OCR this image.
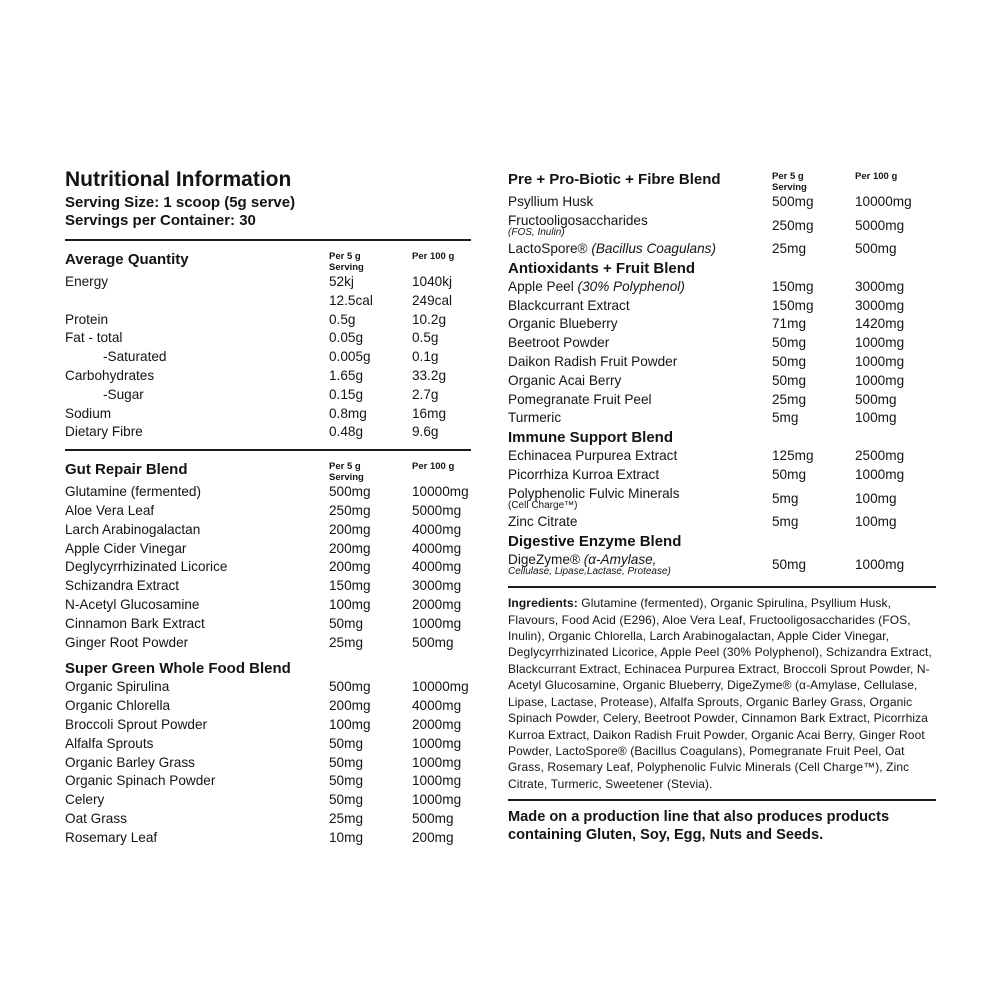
Nutritional Information
Serving Size: 1 scoop (5g serve)
Servings per Container: 30
Average Quantity	Per 5 g
Serving
Per 100 g
Energy	52kj	1040kj
12.5cal	249cal
Protein	0.5g	10.2g
Fat - total	0.05g	0.5g
-Saturated	0.005g	0.1g
Carbohydrates	1.65g	33.2g
-Sugar	0.15g	2.7g
Sodium	0.8mg	16mg
Dietary Fibre	0.48g	9.6g
Gut Repair Blend	Per 5 g
Serving
Per 100 g
Glutamine (fermented)	500mg	10000mg
Aloe Vera Leaf	250mg	5000mg
Larch Arabinogalactan	200mg	4000mg
Apple Cider Vinegar	200mg	4000mg
Deglycyrrhizinated Licorice	200mg	4000mg
Schizandra Extract	150mg	3000mg
N-Acetyl Glucosamine	100mg	2000mg
Cinnamon Bark Extract	50mg	1000mg
Ginger Root Powder	25mg	500mg
Super Green Whole Food Blend
Organic Spirulina	500mg	10000mg
Organic Chlorella	200mg	4000mg
Broccoli Sprout Powder	100mg	2000mg
Alfalfa Sprouts	50mg	1000mg
Organic Barley Grass	50mg	1000mg
Organic Spinach Powder	50mg	1000mg
Celery	50mg	1000mg
Oat Grass	25mg	500mg
Rosemary Leaf	10mg	200mg
Pre + Pro-Biotic + Fibre Blend	Per 5 g
Serving
Per 100 g
Psyllium Husk	500mg	10000mg
Fructooligosaccharides
(FOS, Inulin)	250mg	5000mg
LactoSpore® (Bacillus Coagulans)	25mg	500mg
Antioxidants + Fruit Blend
Apple Peel (30% Polyphenol)	150mg	3000mg
Blackcurrant Extract	150mg	3000mg
Organic Blueberry	71mg	1420mg
Beetroot Powder	50mg	1000mg
Daikon Radish Fruit Powder	50mg	1000mg
Organic Acai Berry	50mg	1000mg
Pomegranate Fruit Peel	25mg	500mg
Turmeric	5mg	100mg
Immune Support Blend
Echinacea Purpurea Extract	125mg	2500mg
Picorrhiza Kurroa Extract	50mg	1000mg
Polyphenolic Fulvic Minerals
(Cell Charge™)	5mg	100mg
Zinc Citrate	5mg	100mg
Digestive Enzyme Blend
DigeZyme® (α-Amylase,
Cellulase, Lipase,Lactase, Protease)	50mg	1000mg

Ingredients: Glutamine (fermented), Organic Spirulina, Psyllium Husk, Flavours, Food Acid (E296), Aloe Vera Leaf, Fructooligosaccharides (FOS, Inulin), Organic Chlorella, Larch Arabinogalactan, Apple Cider Vinegar, Deglycyrrhizinated Licorice, Apple Peel (30% Polyphenol), Schizandra Extract, Blackcurrant Extract, Echinacea Purpurea Extract, Broccoli Sprout Powder, N-Acetyl Glucosamine, Organic Blueberry, DigeZyme® (α-Amylase, Cellulase, Lipase, Lactase, Protease), Alfalfa Sprouts, Organic Barley Grass, Organic Spinach Powder, Celery, Beetroot Powder, Cinnamon Bark Extract, Picorrhiza Kurroa Extract, Daikon Radish Fruit Powder, Organic Acai Berry, Ginger Root Powder, LactoSpore® (Bacillus Coagulans), Pomegranate Fruit Peel, Oat Grass, Rosemary Leaf, Polyphenolic Fulvic Minerals (Cell Charge™), Zinc Citrate, Turmeric, Sweetener (Stevia).

Made on a production line that also produces products containing Gluten, Soy, Egg, Nuts and Seeds.
